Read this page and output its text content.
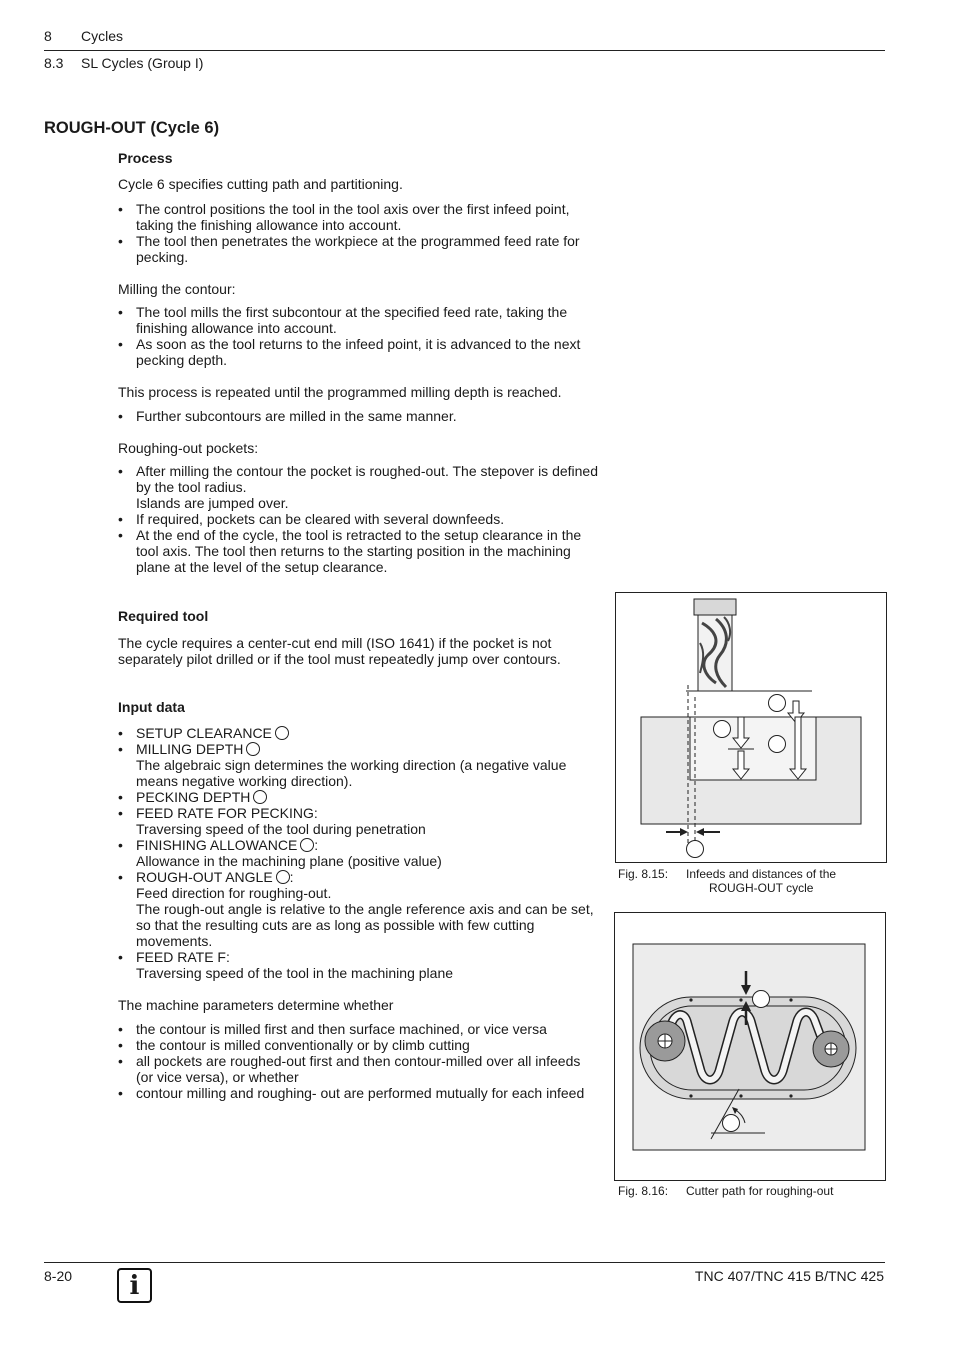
8 Cycles
8.3 SL Cycles (Group I)
ROUGH-OUT (Cycle 6)
Process
Cycle 6 specifies cutting path and partitioning.
• The control positions the tool in the tool axis over the first infeed point, taking the finishing allowance into account.
• The tool then penetrates the workpiece at the programmed feed rate for pecking.
Milling the contour:
• The tool mills the first subcontour at the specified feed rate, taking the finishing allowance into account.
• As soon as the tool returns to the infeed point, it is advanced to the next pecking depth.
This process is repeated until the programmed milling depth is reached.
• Further subcontours are milled in the same manner.
Roughing-out pockets:
• After milling the contour the pocket is roughed-out. The stepover is defined by the tool radius.
Islands are jumped over.
• If required, pockets can be cleared with several downfeeds.
• At the end of the cycle, the tool is retracted to the setup clearance in the tool axis. The tool then returns to the starting position in the machining plane at the level of the setup clearance.
Required tool
The cycle requires a center-cut end mill (ISO 1641) if the pocket is not separately pilot drilled or if the tool must repeatedly jump over contours.
Input data
• SETUP CLEARANCE
• MILLING DEPTH
The algebraic sign determines the working direction (a negative value means negative working direction).
• PECKING DEPTH
• FEED RATE FOR PECKING:
Traversing speed of the tool during penetration
• FINISHING ALLOWANCE :
Allowance in the machining plane (positive value)
• ROUGH-OUT ANGLE :
Feed direction for roughing-out.
The rough-out angle is relative to the angle reference axis and can be set, so that the resulting cuts are as long as possible with few cutting movements.
• FEED RATE F:
Traversing speed of the tool in the machining plane
The machine parameters determine whether
• the contour is milled first and then surface machined, or vice versa
• the contour is milled conventionally or by climb cutting
• all pockets are roughed-out first and then contour-milled over all infeeds (or vice versa), or whether
• contour milling and roughing- out are performed mutually for each infeed
Fig. 8.15: Infeeds and distances of the
ROUGH-OUT cycle
Fig. 8.16: Cutter path for roughing-out
8-20	i	TNC 407/TNC 415 B/TNC 425
